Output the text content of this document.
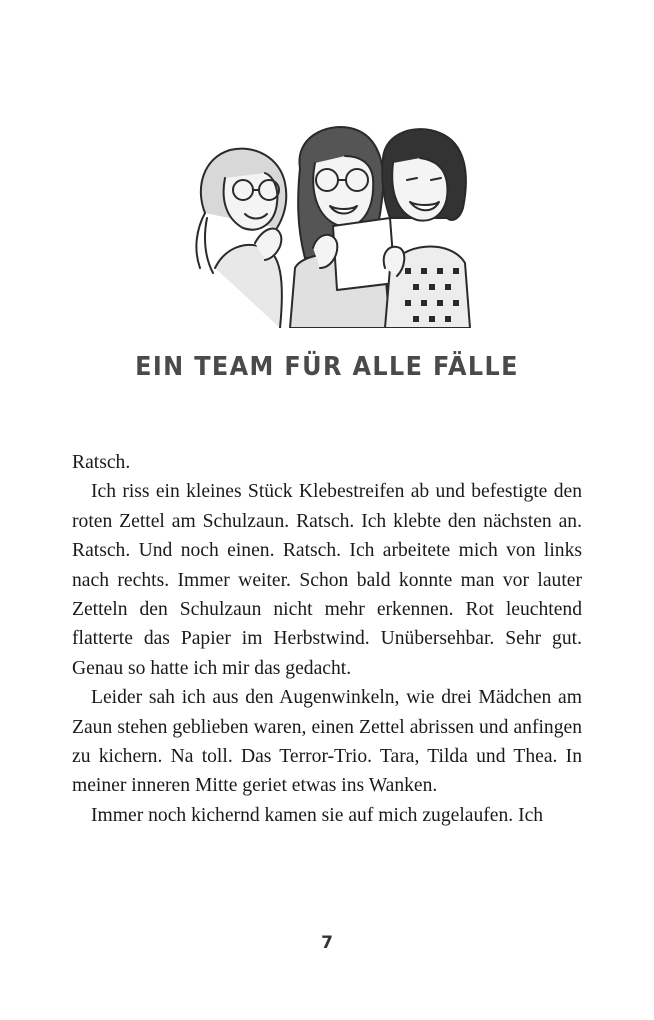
EIN TEAM FÜR ALLE FÄLLE

Ratsch.

Ich riss ein kleines Stück Klebestreifen ab und befestigte den roten Zettel am Schulzaun. Ratsch. Ich klebte den nächsten an. Ratsch. Und noch einen. Ratsch. Ich arbeitete mich von links nach rechts. Immer weiter. Schon bald konnte man vor lauter Zetteln den Schulzaun nicht mehr erkennen. Rot leuchtend flatterte das Papier im Herbstwind. Unübersehbar. Sehr gut. Genau so hatte ich mir das gedacht.

Leider sah ich aus den Augenwinkeln, wie drei Mädchen am Zaun stehen geblieben waren, einen Zettel abrissen und anfingen zu kichern. Na toll. Das Terror-Trio. Tara, Tilda und Thea. In meiner inneren Mitte geriet etwas ins Wanken.

Immer noch kichernd kamen sie auf mich zugelaufen. Ich

7
